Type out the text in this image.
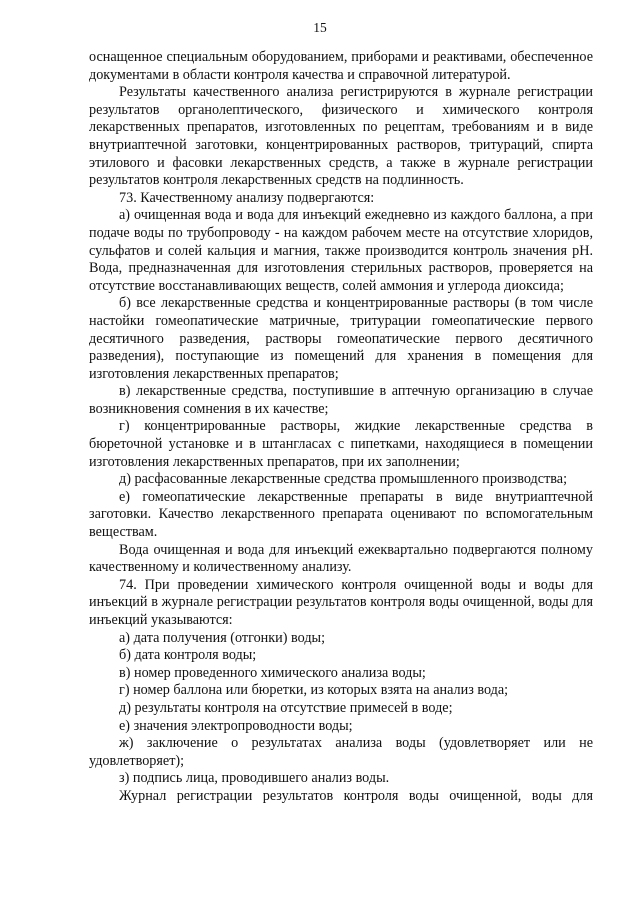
15

оснащенное специальным оборудованием, приборами и реактивами, обеспеченное документами в области контроля качества и справочной литературой.

Результаты качественного анализа регистрируются в журнале регистрации результатов органолептического, физического и химического контроля лекарственных препаратов, изготовленных по рецептам, требованиям и в виде внутриаптечной заготовки, концентрированных растворов, тритураций, спирта этилового и фасовки лекарственных средств, а также в журнале регистрации результатов контроля лекарственных средств на подлинность.

73. Качественному анализу подвергаются:

а) очищенная вода и вода для инъекций ежедневно из каждого баллона, а при подаче воды по трубопроводу - на каждом рабочем месте на отсутствие хлоридов, сульфатов и солей кальция и магния, также производится контроль значения pH. Вода, предназначенная для изготовления стерильных растворов, проверяется на отсутствие восстанавливающих веществ, солей аммония и углерода диоксида;

б) все лекарственные средства и концентрированные растворы (в том числе настойки гомеопатические матричные, тритурации гомеопатические первого десятичного разведения, растворы гомеопатические первого десятичного разведения), поступающие из помещений для хранения в помещения для изготовления лекарственных препаратов;

в) лекарственные средства, поступившие в аптечную организацию в случае возникновения сомнения в их качестве;

г) концентрированные растворы, жидкие лекарственные средства в бюреточной установке и в штангласах с пипетками, находящиеся в помещении изготовления лекарственных препаратов, при их заполнении;

д) расфасованные лекарственные средства промышленного производства;

е) гомеопатические лекарственные препараты в виде внутриаптечной заготовки. Качество лекарственного препарата оценивают по вспомогательным веществам.

Вода очищенная и вода для инъекций ежеквартально подвергаются полному качественному и количественному анализу.

74. При проведении химического контроля очищенной воды и воды для инъекций в журнале регистрации результатов контроля воды очищенной, воды для инъекций указываются:

а) дата получения (отгонки) воды;

б) дата контроля воды;

в) номер проведенного химического анализа воды;

г) номер баллона или бюретки, из которых взята на анализ вода;

д) результаты контроля на отсутствие примесей в воде;

е) значения электропроводности воды;

ж) заключение о результатах анализа воды (удовлетворяет или не удовлетворяет);

з) подпись лица, проводившего анализ воды.

Журнал регистрации результатов контроля воды очищенной, воды для
